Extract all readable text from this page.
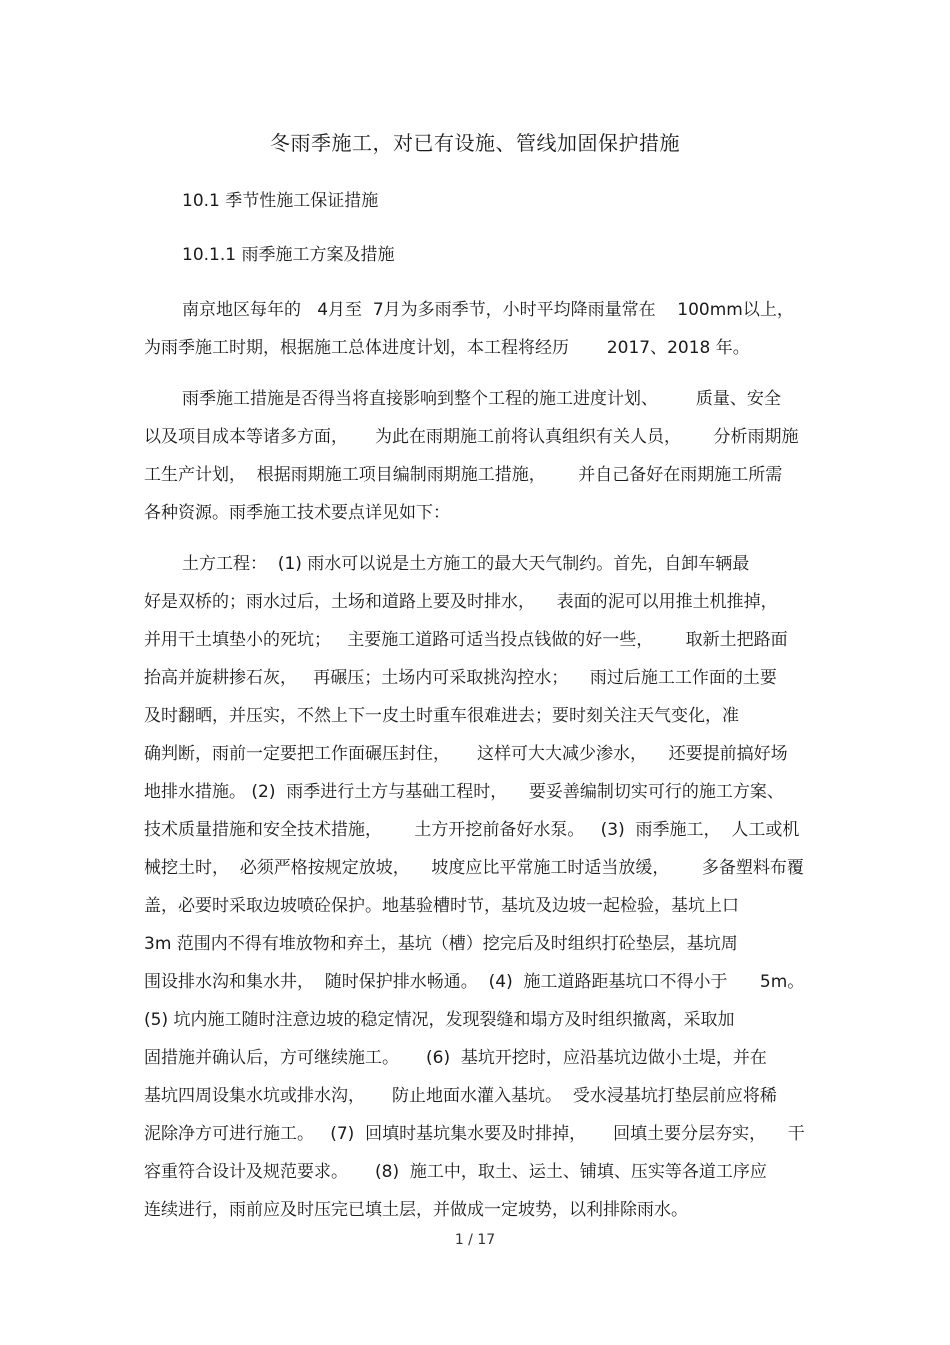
冬雨季施工，对已有设施、管线加固保护措施
10.1 季节性施工保证措施
10.1.1 雨季施工方案及措施
南京地区每年的   4月至  7月为多雨季节，小时平均降雨量常在    100mm以上，
为雨季施工时期，根据施工总体进度计划，本工程将经历       2017、2018 年。
雨季施工措施是否得当将直接影响到整个工程的施工进度计划、       质量、安全
以及项目成本等诸多方面，     为此在雨期施工前将认真组织有关人员，      分析雨期施
工生产计划，  根据雨期施工项目编制雨期施工措施，      并自己备好在雨期施工所需
各种资源。雨季施工技术要点详见如下：
土方工程：  (1) 雨水可以说是土方施工的最大天气制约。首先，自卸车辆最
好是双桥的；雨水过后，土场和道路上要及时排水，    表面的泥可以用推土机推掉，
并用干土填垫小的死坑；   主要施工道路可适当投点钱做的好一些，      取新土把路面
抬高并旋耕掺石灰，   再碾压；土场内可采取挑沟控水；    雨过后施工工作面的土要
及时翻晒，并压实，不然上下一皮土时重车很难进去；要时刻关注天气变化，准
确判断，雨前一定要把工作面碾压封住，     这样可大大减少渗水，    还要提前搞好场
地排水措施。 (2)  雨季进行土方与基础工程时，    要妥善编制切实可行的施工方案、
技术质量措施和安全技术措施，      土方开挖前备好水泵。   (3)  雨季施工，  人工或机
械挖土时，  必须严格按规定放坡，    坡度应比平常施工时适当放缓，      多备塑料布覆
盖，必要时采取边坡喷砼保护。地基验槽时节，基坑及边坡一起检验，基坑上口
3m 范围内不得有堆放物和弃土，基坑（槽）挖完后及时组织打砼垫层，基坑周
围设排水沟和集水井，  随时保护排水畅通。  (4)  施工道路距基坑口不得小于      5m。
(5) 坑内施工随时注意边坡的稳定情况，发现裂缝和塌方及时组织撤离，采取加
固措施并确认后，方可继续施工。     (6)  基坑开挖时，应沿基坑边做小土堤，并在
基坑四周设集水坑或排水沟，     防止地面水灌入基坑。  受水浸基坑打垫层前应将稀
泥除净方可进行施工。   (7)  回填时基坑集水要及时排掉，     回填土要分层夯实，    干
容重符合设计及规范要求。     (8)  施工中，取土、运土、铺填、压实等各道工序应
连续进行，雨前应及时压完已填土层，并做成一定坡势，以利排除雨水。
1 / 17
